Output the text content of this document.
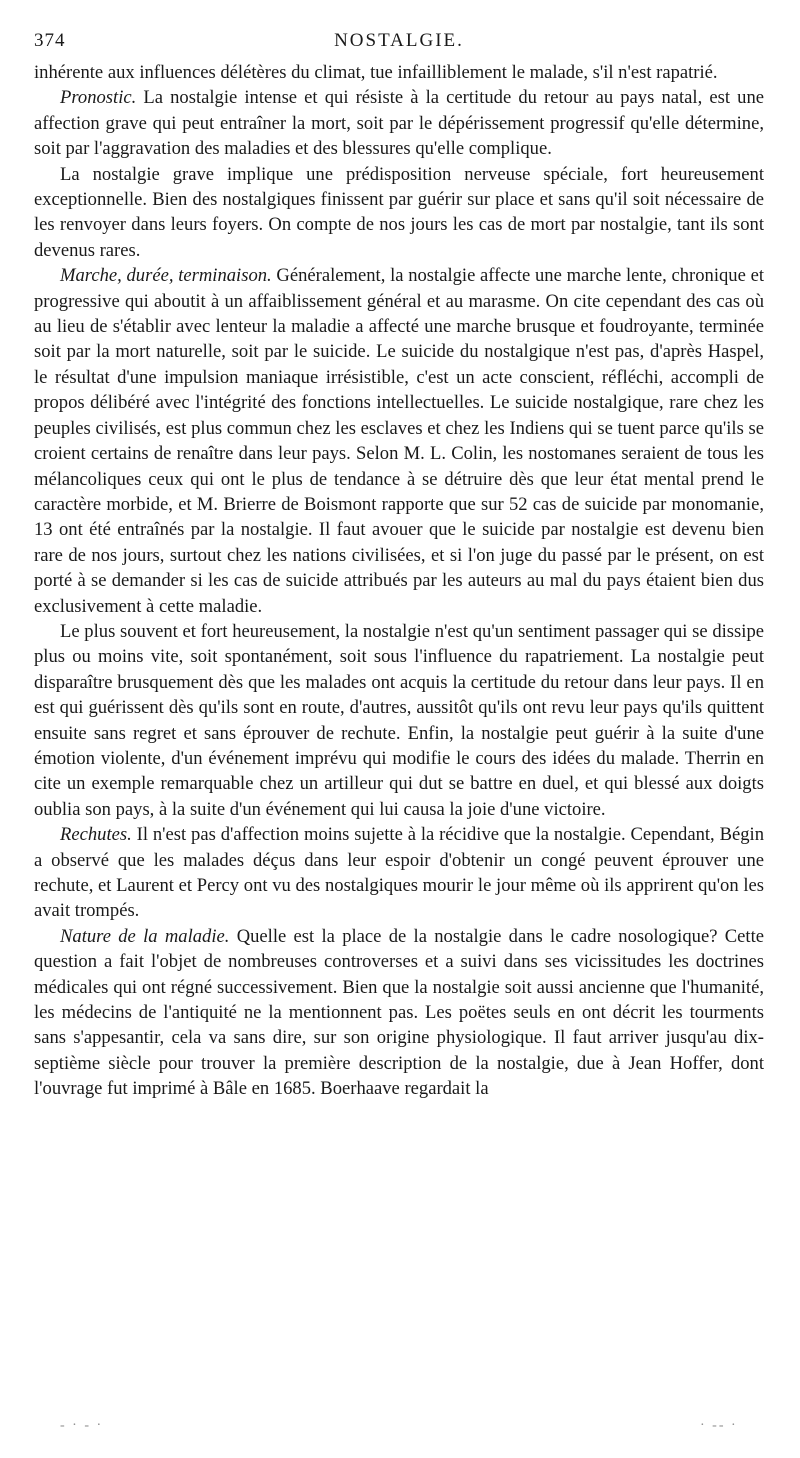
374	NOSTALGIE.

inhérente aux influences délétères du climat, tue infailliblement le malade, s'il n'est rapatrié.

Pronostic. La nostalgie intense et qui résiste à la certitude du retour au pays natal, est une affection grave qui peut entraîner la mort, soit par le dépérissement progressif qu'elle détermine, soit par l'aggravation des maladies et des blessures qu'elle complique.

La nostalgie grave implique une prédisposition nerveuse spéciale, fort heureusement exceptionnelle. Bien des nostalgiques finissent par guérir sur place et sans qu'il soit nécessaire de les renvoyer dans leurs foyers. On compte de nos jours les cas de mort par nostalgie, tant ils sont devenus rares.

Marche, durée, terminaison. Généralement, la nostalgie affecte une marche lente, chronique et progressive qui aboutit à un affaiblissement général et au marasme. On cite cependant des cas où au lieu de s'établir avec lenteur la maladie a affecté une marche brusque et foudroyante, terminée soit par la mort naturelle, soit par le suicide. Le suicide du nostalgique n'est pas, d'après Haspel, le résultat d'une impulsion maniaque irrésistible, c'est un acte conscient, réfléchi, accompli de propos délibéré avec l'intégrité des fonctions intellectuelles. Le suicide nostalgique, rare chez les peuples civilisés, est plus commun chez les esclaves et chez les Indiens qui se tuent parce qu'ils se croient certains de renaître dans leur pays. Selon M. L. Colin, les nostomanes seraient de tous les mélancoliques ceux qui ont le plus de tendance à se détruire dès que leur état mental prend le caractère morbide, et M. Brierre de Boismont rapporte que sur 52 cas de suicide par monomanie, 13 ont été entraînés par la nostalgie. Il faut avouer que le suicide par nostalgie est devenu bien rare de nos jours, surtout chez les nations civilisées, et si l'on juge du passé par le présent, on est porté à se demander si les cas de suicide attribués par les auteurs au mal du pays étaient bien dus exclusivement à cette maladie.

Le plus souvent et fort heureusement, la nostalgie n'est qu'un sentiment passager qui se dissipe plus ou moins vite, soit spontanément, soit sous l'influence du rapatriement. La nostalgie peut disparaître brusquement dès que les malades ont acquis la certitude du retour dans leur pays. Il en est qui guérissent dès qu'ils sont en route, d'autres, aussitôt qu'ils ont revu leur pays qu'ils quittent ensuite sans regret et sans éprouver de rechute. Enfin, la nostalgie peut guérir à la suite d'une émotion violente, d'un événement imprévu qui modifie le cours des idées du malade. Therrin en cite un exemple remarquable chez un artilleur qui dut se battre en duel, et qui blessé aux doigts oublia son pays, à la suite d'un événement qui lui causa la joie d'une victoire.

Rechutes. Il n'est pas d'affection moins sujette à la récidive que la nostalgie. Cependant, Bégin a observé que les malades déçus dans leur espoir d'obtenir un congé peuvent éprouver une rechute, et Laurent et Percy ont vu des nostalgiques mourir le jour même où ils apprirent qu'on les avait trompés.

Nature de la maladie. Quelle est la place de la nostalgie dans le cadre nosologique? Cette question a fait l'objet de nombreuses controverses et a suivi dans ses vicissitudes les doctrines médicales qui ont régné successivement. Bien que la nostalgie soit aussi ancienne que l'humanité, les médecins de l'antiquité ne la mentionnent pas. Les poëtes seuls en ont décrit les tourments sans s'appesantir, cela va sans dire, sur son origine physiologique. Il faut arriver jusqu'au dix-septième siècle pour trouver la première description de la nostalgie, due à Jean Hoffer, dont l'ouvrage fut imprimé à Bâle en 1685. Boerhaave regardait la

- · - ·	· -- ·
